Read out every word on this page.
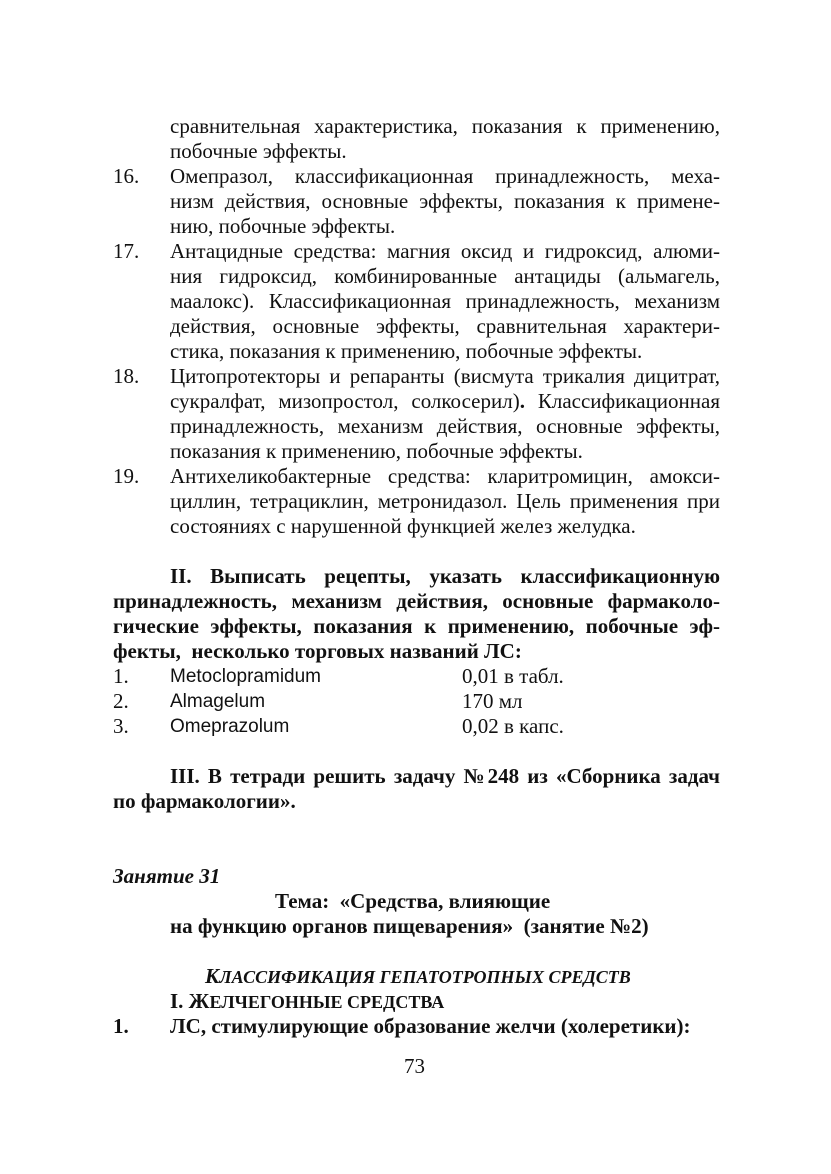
сравнительная характеристика, показания к применению,
побочные эффекты.
16. Омепразол, классификационная принадлежность, меха-
низм действия, основные эффекты, показания к примене-
нию, побочные эффекты.
17. Антацидные средства: магния оксид и гидроксид, алюми-
ния гидроксид, комбинированные антациды (альмагель,
маалокс). Классификационная принадлежность, механизм
действия, основные эффекты, сравнительная характери-
стика, показания к применению, побочные эффекты.
18. Цитопротекторы и репаранты (висмута трикалия дицитрат,
сукралфат, мизопростол, солкосерил). Классификационная
принадлежность, механизм действия, основные эффекты,
показания к применению, побочные эффекты.
19. Антихеликобактерные средства: кларитромицин, амокси-
циллин, тетрациклин, метронидазол. Цель применения при
состояниях с нарушенной функцией желез желудка.
II. Выписать рецепты, указать классификационную
принадлежность, механизм действия, основные фармаколо-
гические эффекты, показания к применению, побочные эф-
фекты,  несколько торговых названий ЛС:
1. Metoclopramidum	0,01 в табл.
2. Almagelum	170 мл
3. Omeprazolum	0,02 в капс.
III. В тетради решить задачу №248 из «Сборника задач
по фармакологии».
Занятие 31
Тема:  «Средства, влияющие
на функцию органов пищеварения»  (занятие №2)
КЛАССИФИКАЦИЯ ГЕПАТОТРОПНЫХ СРЕДСТВ
I. ЖЕЛЧЕГОННЫЕ СРЕДСТВА
1. ЛС, стимулирующие образование желчи (холеретики):
73
